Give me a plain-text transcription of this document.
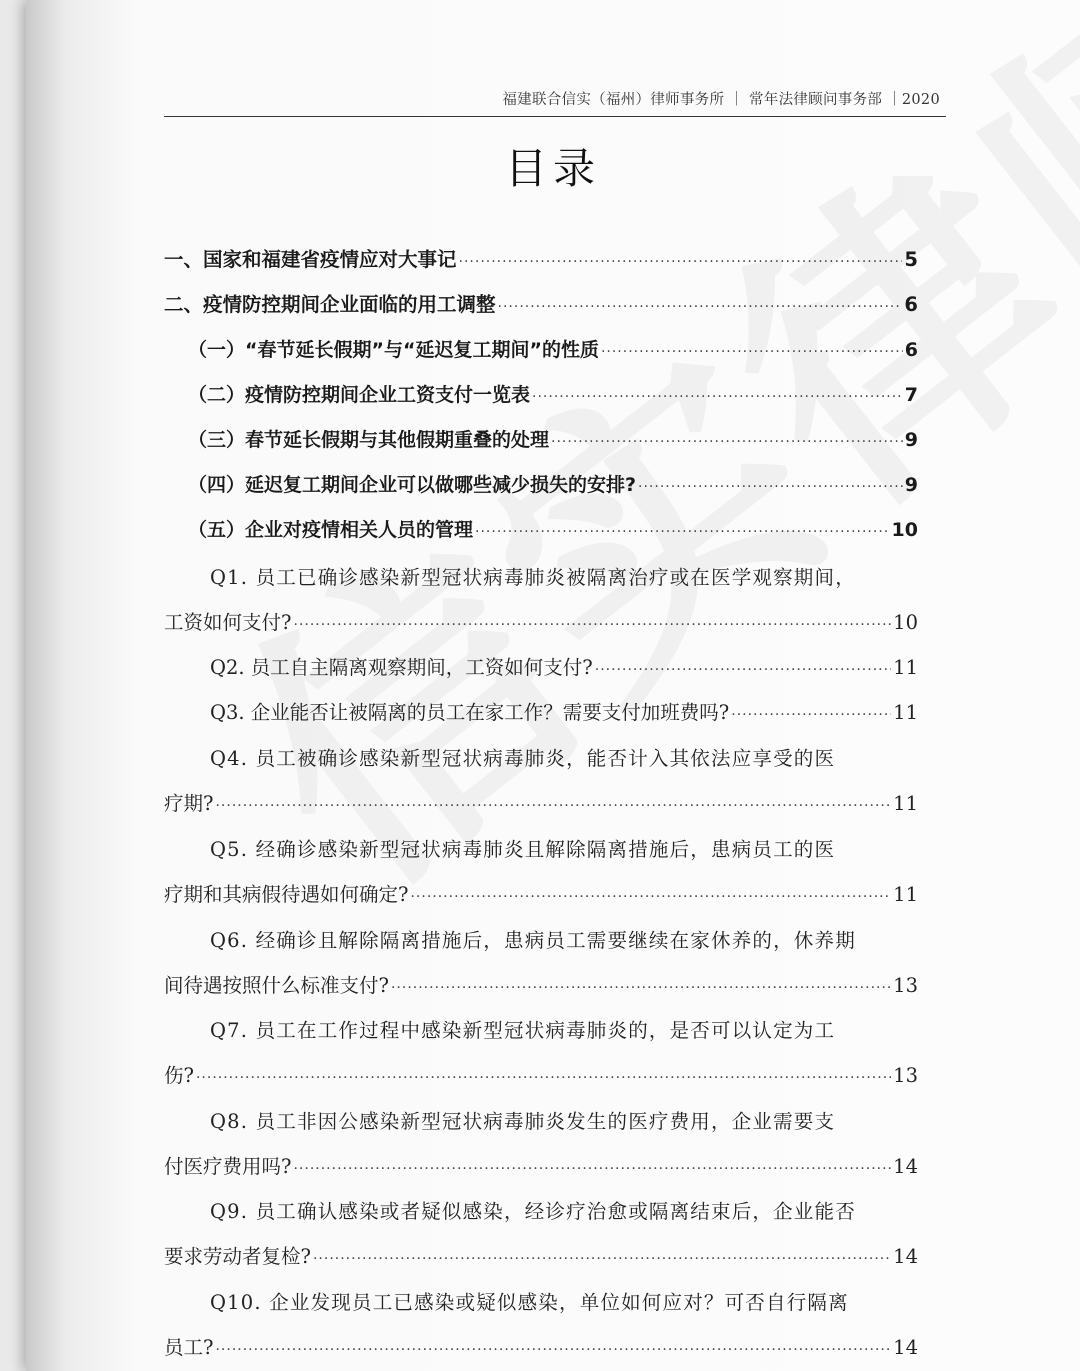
福建联合信实（福州）律师事务所 ｜ 常年法律顾问事务部 ｜2020
目录
一、国家和福建省疫情应对大事记 ·····	5
二、疫情防控期间企业面临的用工调整 ·····	6
（一）“春节延长假期”与“延迟复工期间”的性质 ·····	6
（二）疫情防控期间企业工资支付一览表 ·····	7
（三）春节延长假期与其他假期重叠的处理 ·····	9
（四）延迟复工期间企业可以做哪些减少损失的安排? ·····	9
（五）企业对疫情相关人员的管理 ·····	10
Q1. 员工已确诊感染新型冠状病毒肺炎被隔离治疗或在医学观察期间，
工资如何支付? ·····	10
Q2. 员工自主隔离观察期间，工资如何支付? ·····	11
Q3. 企业能否让被隔离的员工在家工作？需要支付加班费吗? ·····	11
Q4. 员工被确诊感染新型冠状病毒肺炎，能否计入其依法应享受的医
疗期? ·····	11
Q5. 经确诊感染新型冠状病毒肺炎且解除隔离措施后，患病员工的医
疗期和其病假待遇如何确定? ·····	11
Q6. 经确诊且解除隔离措施后，患病员工需要继续在家休养的，休养期
间待遇按照什么标准支付? ·····	13
Q7. 员工在工作过程中感染新型冠状病毒肺炎的，是否可以认定为工
伤? ·····	13
Q8. 员工非因公感染新型冠状病毒肺炎发生的医疗费用，企业需要支
付医疗费用吗? ·····	14
Q9. 员工确认感染或者疑似感染，经诊疗治愈或隔离结束后，企业能否
要求劳动者复检? ·····	14
Q10. 企业发现员工已感染或疑似感染，单位如何应对？可否自行隔离
员工? ·····	14
